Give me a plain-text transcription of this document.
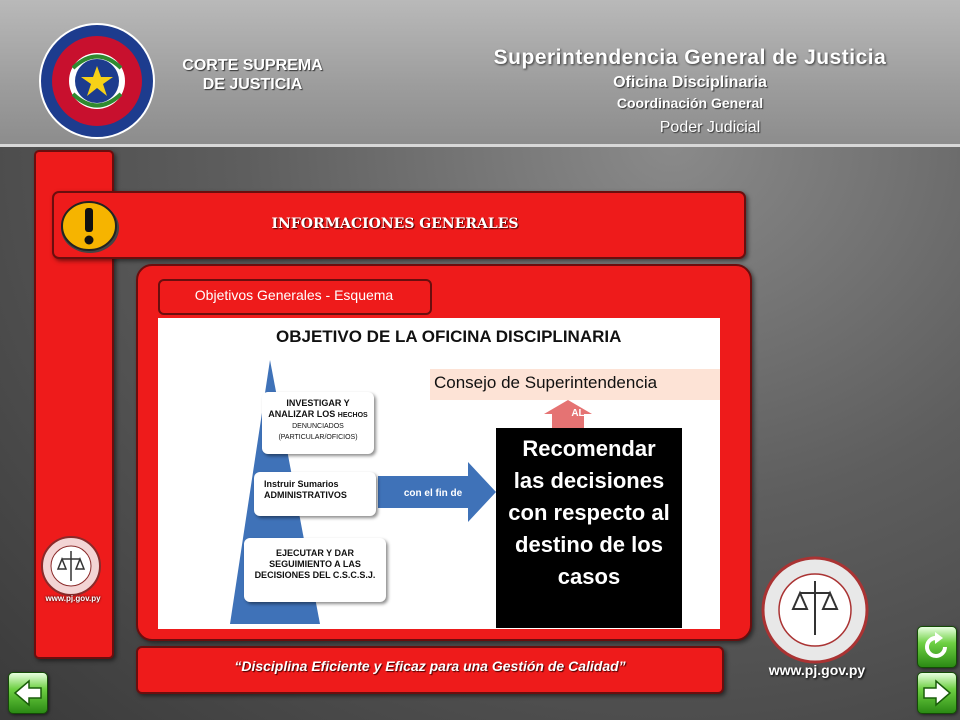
CORTE SUPREMA
DE JUSTICIA
Superintendencia General de Justicia
Oficina Disciplinaria
Coordinación General
Poder Judicial
www.pj.gov.py
INFORMACIONES GENERALES
Objetivos Generales - Esquema
OBJETIVO DE LA OFICINA DISCIPLINARIA
Consejo de Superintendencia
con el fin de
AL
INVESTIGAR Y
ANALIZAR LOS HECHOS
DENUNCIADOS
(PARTICULAR/OFICIOS)
Instruir Sumarios
ADMINISTRATIVOS
EJECUTAR Y DAR
SEGUIMIENTO A LAS
DECISIONES DEL C.S.C.S.J.
Recomendar
las decisiones
con respecto al
destino de los
casos
“Disciplina Eficiente y Eficaz para una Gestión de Calidad”	www.pj.gov.py
